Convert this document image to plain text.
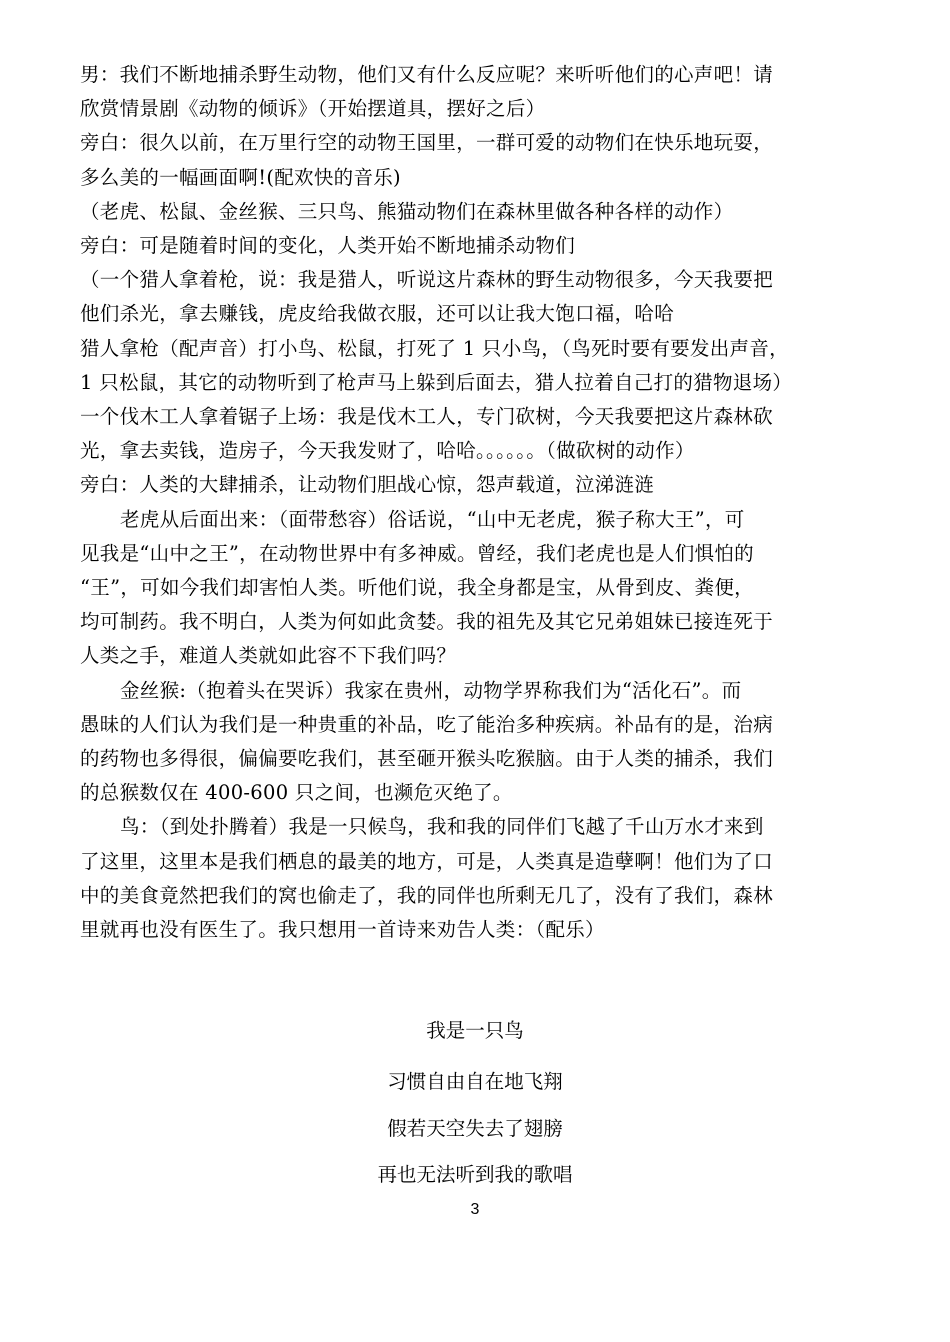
男：我们不断地捕杀野生动物，他们又有什么反应呢？来听听他们的心声吧！请
欣赏情景剧《动物的倾诉》（开始摆道具，摆好之后）
旁白：很久以前，在万里行空的动物王国里，一群可爱的动物们在快乐地玩耍，
多么美的一幅画面啊!(配欢快的音乐)
（老虎、松鼠、金丝猴、三只鸟、熊猫动物们在森林里做各种各样的动作）
旁白：可是随着时间的变化，人类开始不断地捕杀动物们
（一个猎人拿着枪，说：我是猎人，听说这片森林的野生动物很多，今天我要把
他们杀光，拿去赚钱，虎皮给我做衣服，还可以让我大饱口福，哈哈
猎人拿枪（配声音）打小鸟、松鼠，打死了 1 只小鸟，（鸟死时要有要发出声音，
1 只松鼠，其它的动物听到了枪声马上躲到后面去，猎人拉着自己打的猎物退场）
一个伐木工人拿着锯子上场：我是伐木工人，专门砍树，今天我要把这片森林砍
光，拿去卖钱，造房子，今天我发财了，哈哈。。。。。。（做砍树的动作）
旁白：人类的大肆捕杀，让动物们胆战心惊，怨声载道，泣涕涟涟
老虎从后面出来：（面带愁容）俗话说，“山中无老虎，猴子称大王”，可
见我是“山中之王”，在动物世界中有多神威。曾经，我们老虎也是人们惧怕的
“王”，可如今我们却害怕人类。听他们说，我全身都是宝，从骨到皮、粪便，
均可制药。我不明白，人类为何如此贪婪。我的祖先及其它兄弟姐妹已接连死于
人类之手，难道人类就如此容不下我们吗？
金丝猴:（抱着头在哭诉）我家在贵州，动物学界称我们为“活化石”。而
愚昧的人们认为我们是一种贵重的补品，吃了能治多种疾病。补品有的是，治病
的药物也多得很，偏偏要吃我们，甚至砸开猴头吃猴脑。由于人类的捕杀，我们
的总猴数仅在 400-600 只之间，也濒危灭绝了。
鸟：（到处扑腾着）我是一只候鸟，我和我的同伴们飞越了千山万水才来到
了这里，这里本是我们栖息的最美的地方，可是，人类真是造孽啊！他们为了口
中的美食竟然把我们的窝也偷走了，我的同伴也所剩无几了，没有了我们，森林
里就再也没有医生了。我只想用一首诗来劝告人类：（配乐）
我是一只鸟
习惯自由自在地飞翔
假若天空失去了翅膀
再也无法听到我的歌唱
3
